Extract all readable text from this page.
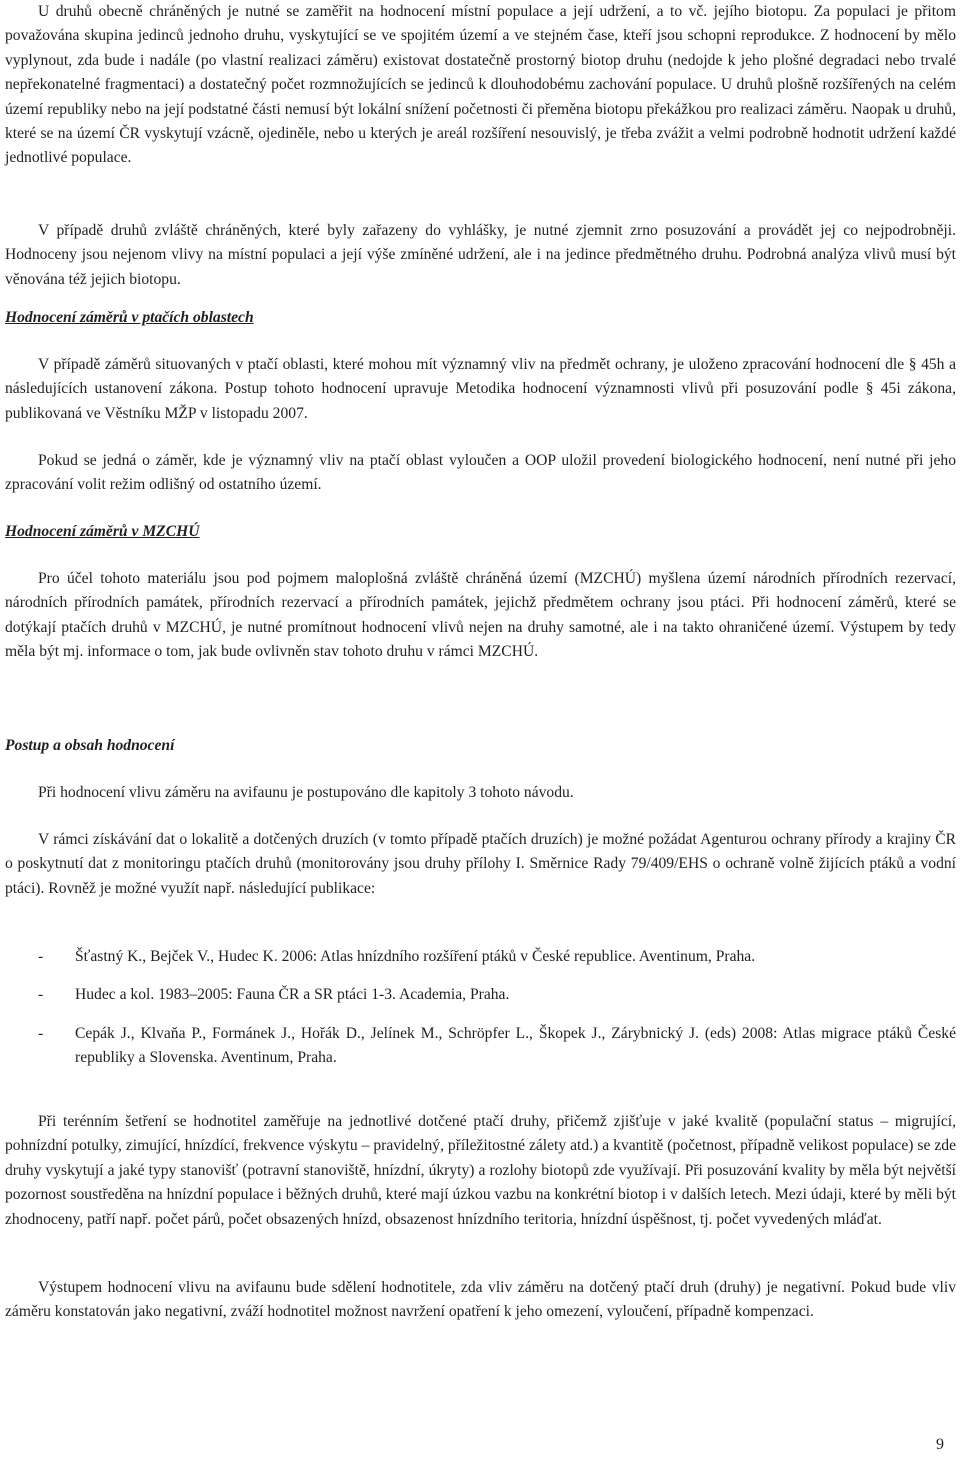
U druhů obecně chráněných je nutné se zaměřit na hodnocení místní populace a její udržení, a to vč. jejího biotopu. Za populaci je přitom považována skupina jedinců jednoho druhu, vyskytující se ve spojitém území a ve stejném čase, kteří jsou schopni reprodukce. Z hodnocení by mělo vyplynout, zda bude i nadále (po vlastní realizaci záměru) existovat dostatečně prostorný biotop druhu (nedojde k jeho plošné degradaci nebo trvalé nepřekonatelné fragmentaci) a dostatečný počet rozmnožujících se jedinců k dlouhodobému zachování populace. U druhů plošně rozšířených na celém území republiky nebo na její podstatné části nemusí být lokální snížení početnosti či přeměna biotopu překážkou pro realizaci záměru. Naopak u druhů, které se na území ČR vyskytují vzácně, ojediněle, nebo u kterých je areál rozšíření nesouvislý, je třeba zvážit a velmi podrobně hodnotit udržení každé jednotlivé populace.

V případě druhů zvláště chráněných, které byly zařazeny do vyhlášky, je nutné zjemnit zrno posuzování a provádět jej co nejpodrobněji. Hodnoceny jsou nejenom vlivy na místní populaci a její výše zmíněné udržení, ale i na jedince předmětného druhu. Podrobná analýza vlivů musí být věnována též jejich biotopu.

Hodnocení záměrů v ptačích oblastech

V případě záměrů situovaných v ptačí oblasti, které mohou mít významný vliv na předmět ochrany, je uloženo zpracování hodnocení dle § 45h a následujících ustanovení zákona. Postup tohoto hodnocení upravuje Metodika hodnocení významnosti vlivů při posuzování podle § 45i zákona, publikovaná ve Věstníku MŽP v listopadu 2007.

Pokud se jedná o záměr, kde je významný vliv na ptačí oblast vyloučen a OOP uložil provedení biologického hodnocení, není nutné při jeho zpracování volit režim odlišný od ostatního území.

Hodnocení záměrů v MZCHÚ

Pro účel tohoto materiálu jsou pod pojmem maloplošná zvláště chráněná území (MZCHÚ) myšlena území národních přírodních rezervací, národních přírodních památek, přírodních rezervací a přírodních památek, jejichž předmětem ochrany jsou ptáci. Při hodnocení záměrů, které se dotýkají ptačích druhů v MZCHÚ, je nutné promítnout hodnocení vlivů nejen na druhy samotné, ale i na takto ohraničené území. Výstupem by tedy měla být mj. informace o tom, jak bude ovlivněn stav tohoto druhu v rámci MZCHÚ.

Postup a obsah hodnocení

Při hodnocení vlivu záměru na avifaunu je postupováno dle kapitoly 3 tohoto návodu.

V rámci získávání dat o lokalitě a dotčených druzích (v tomto případě ptačích druzích) je možné požádat Agenturou ochrany přírody a krajiny ČR o poskytnutí dat z monitoringu ptačích druhů (monitorovány jsou druhy přílohy I. Směrnice Rady 79/409/EHS o ochraně volně žijících ptáků a vodní ptáci). Rovněž je možné využít např. následující publikace:

- Šťastný K., Bejček V., Hudec K. 2006: Atlas hnízdního rozšíření ptáků v České republice. Aventinum, Praha.
- Hudec a kol. 1983–2005: Fauna ČR a SR ptáci 1-3. Academia, Praha.
- Cepák J., Klvaňa P., Formánek J., Hořák D., Jelínek M., Schröpfer L., Škopek J., Zárybnický J. (eds) 2008: Atlas migrace ptáků České republiky a Slovenska. Aventinum, Praha.

Při terénním šetření se hodnotitel zaměřuje na jednotlivé dotčené ptačí druhy, přičemž zjišťuje v jaké kvalitě (populační status – migrující, pohnízdní potulky, zimující, hnízdící, frekvence výskytu – pravidelný, příležitostné zálety atd.) a kvantitě (početnost, případně velikost populace) se zde druhy vyskytují a jaké typy stanovišť (potravní stanoviště, hnízdní, úkryty) a rozlohy biotopů zde využívají. Při posuzování kvality by měla být největší pozornost soustředěna na hnízdní populace i běžných druhů, které mají úzkou vazbu na konkrétní biotop i v dalších letech. Mezi údaji, které by měli být zhodnoceny, patří např. počet párů, počet obsazených hnízd, obsazenost hnízdního teritoria, hnízdní úspěšnost, tj. počet vyvedených mláďat.

Výstupem hodnocení vlivu na avifaunu bude sdělení hodnotitele, zda vliv záměru na dotčený ptačí druh (druhy) je negativní. Pokud bude vliv záměru konstatován jako negativní, zváží hodnotitel možnost navržení opatření k jeho omezení, vyloučení, případně kompenzaci.

9
